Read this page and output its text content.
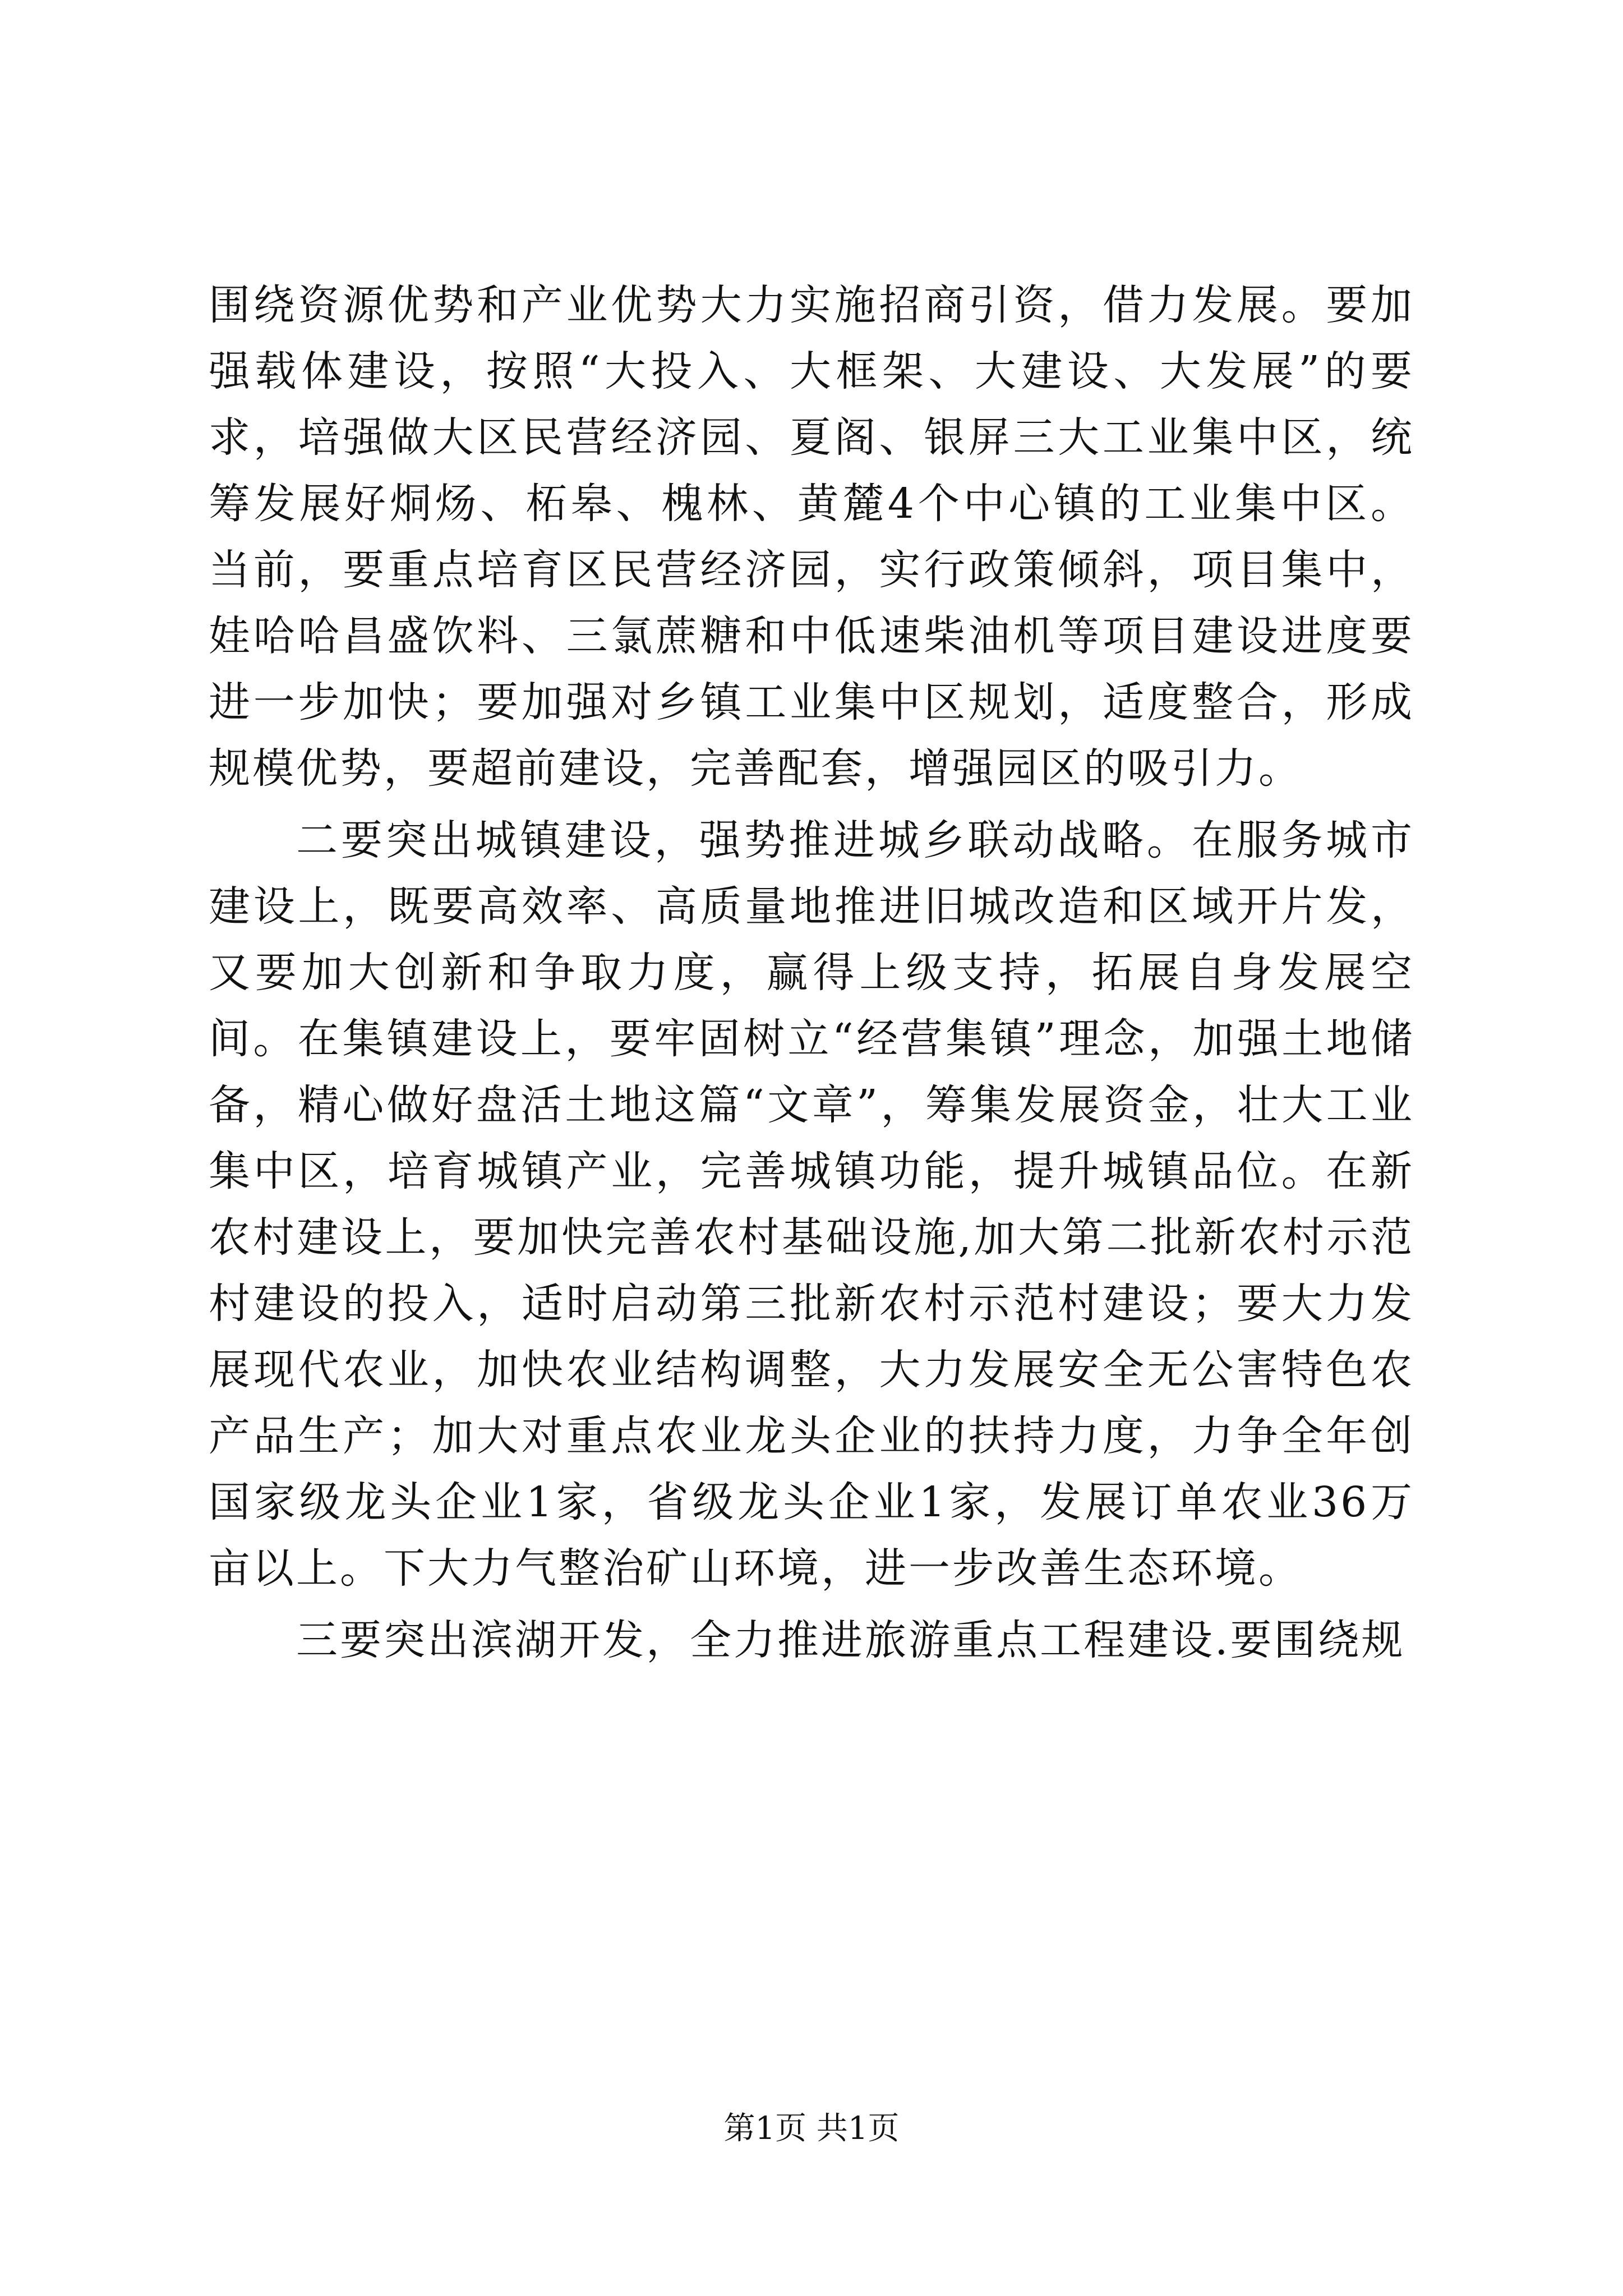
围绕资源优势和产业优势大力实施招商引资，借力发展。要加强载体建设，按照“大投入、大框架、大建设、大发展”的要求，培强做大区民营经济园、夏阁、银屏三大工业集中区，统筹发展好烔炀、柘皋、槐林、黄麓4个中心镇的工业集中区。当前，要重点培育区民营经济园，实行政策倾斜，项目集中，娃哈哈昌盛饮料、三氯蔗糖和中低速柴油机等项目建设进度要进一步加快；要加强对乡镇工业集中区规划，适度整合，形成规模优势，要超前建设，完善配套，增强园区的吸引力。

二要突出城镇建设，强势推进城乡联动战略。在服务城市建设上，既要高效率、高质量地推进旧城改造和区域开片发，又要加大创新和争取力度，赢得上级支持，拓展自身发展空间。在集镇建设上，要牢固树立“经营集镇”理念，加强土地储备，精心做好盘活土地这篇“文章”，筹集发展资金，壮大工业集中区，培育城镇产业，完善城镇功能，提升城镇品位。在新农村建设上，要加快完善农村基础设施,加大第二批新农村示范村建设的投入，适时启动第三批新农村示范村建设；要大力发展现代农业，加快农业结构调整，大力发展安全无公害特色农产品生产；加大对重点农业龙头企业的扶持力度，力争全年创国家级龙头企业1家，省级龙头企业1家，发展订单农业36万亩以上。下大力气整治矿山环境，进一步改善生态环境。

三要突出滨湖开发，全力推进旅游重点工程建设.要围绕规

第1页 共1页
